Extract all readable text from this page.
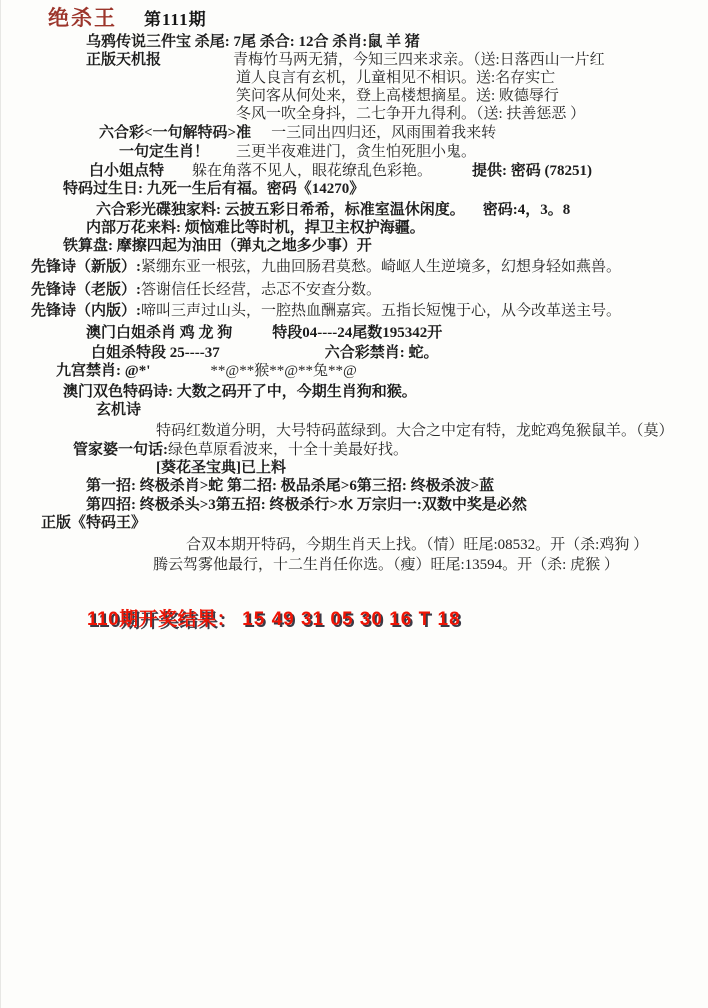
绝杀王 第111期
乌鸦传说三件宝 杀尾: 7尾 杀合: 12合 杀肖:鼠 羊 猪
正版天机报	青梅竹马两无猜，今知三四来求亲。（送:日落西山一片红
道人良言有玄机，儿童相见不相识。送:名存实亡
笑问客从何处来，登上高楼想摘星。送: 败德辱行
冬风一吹全身抖，二七争开九得利。（送: 扶善惩恶 ）
六合彩<一句解特码>准 一三同出四归还，风雨围着我来转
一句定生肖！ 三更半夜难进门，贪生怕死胆小鬼。
白小姐点特 躲在角落不见人，眼花缭乱色彩艳。	提供: 密码 (78251)
特码过生日: 九死一生后有福。密码《14270》
六合彩光碟独家料: 云披五彩日希希，标准室温休闲度。 密码:4，3。8
内部万花来料: 烦恼难比等时机，捍卫主权护海疆。
铁算盘: 摩擦四起为油田（弹丸之地多少事）开
先锋诗（新版）:紧绷东亚一根弦，九曲回肠君莫愁。崎岖人生逆境多，幻想身轻如燕兽。
先锋诗（老版）:答谢信任长经营，忐忑不安查分数。
先锋诗（内版）:啼叫三声过山头，一腔热血酬嘉宾。五指长短愧于心，从今改革送主号。
澳门白姐杀肖 鸡 龙 狗	特段04----24尾数195342开
白姐杀特段 25----37	六合彩禁肖: 蛇。
九宫禁肖: @*'	**@**猴**@**兔**@
澳门双色特码诗: 大数之码开了中，今期生肖狗和猴。
玄机诗
特码红数道分明，大号特码蓝绿到。大合之中定有特，龙蛇鸡兔猴鼠羊。（莫）
管家婆一句话:绿色草原看波来，十全十美最好找。
[葵花圣宝典]已上料
第一招: 终极杀肖>蛇 第二招: 极品杀尾>6第三招: 终极杀波>蓝
第四招: 终极杀头>3第五招: 终极杀行>水 万宗归一:双数中奖是必然
正版《特码王》
合双本期开特码，今期生肖天上找。（情）旺尾:08532。开（杀:鸡狗 ）
腾云驾雾他最行，十二生肖任你选。（瘦）旺尾:13594。开（杀: 虎猴 ）
110期开奖结果： 15 49 31 05 30 16 T 18
